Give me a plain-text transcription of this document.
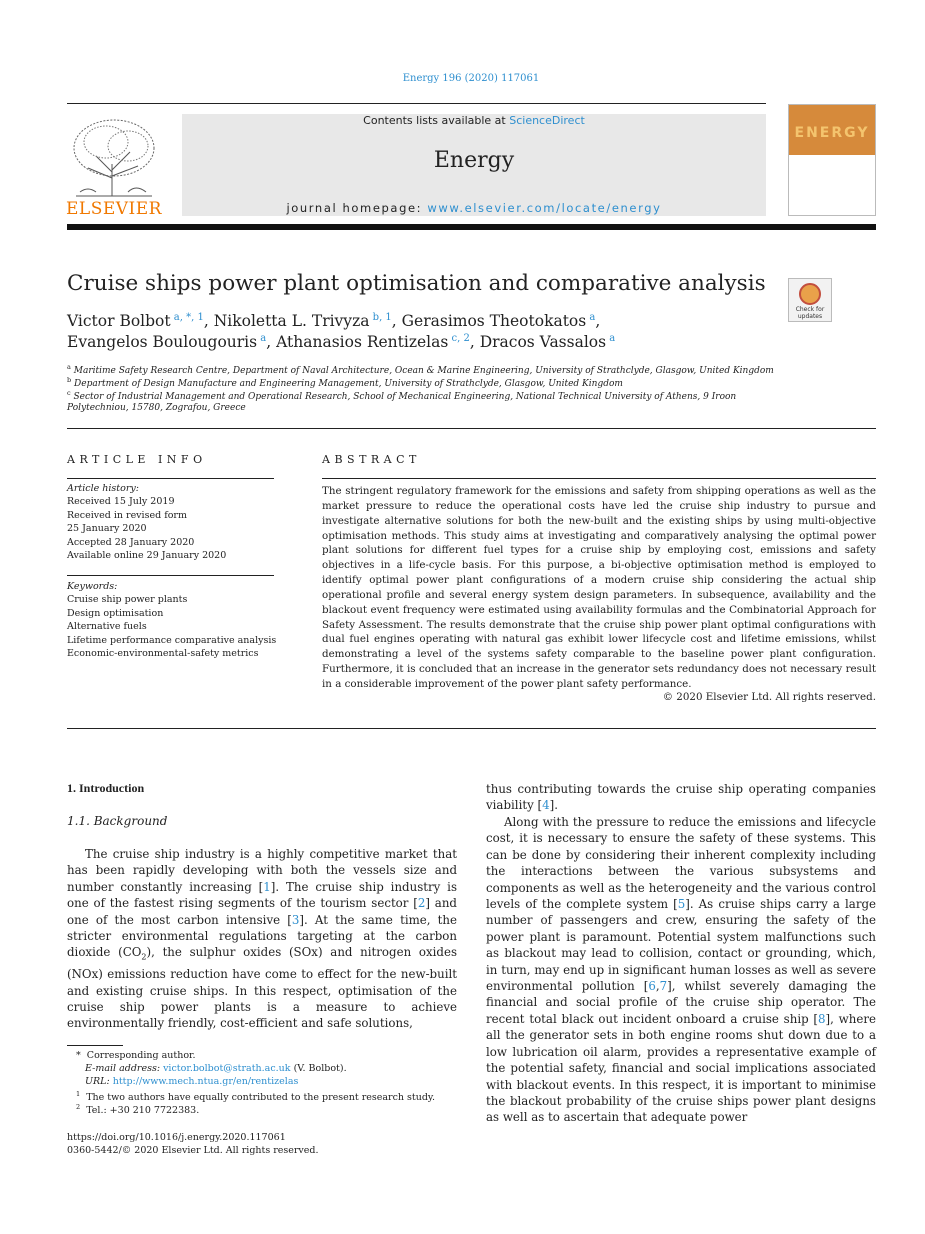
Energy 196 (2020) 117061
ELSEVIER
Contents lists available at ScienceDirect
Energy
journal homepage: www.elsevier.com/locate/energy
ENERGY
Cruise ships power plant optimisation and comparative analysis
Check for updates
Victor Bolbot $^{a, *, 1}$, Nikoletta L. Trivyza $^{b, 1}$, Gerasimos Theotokatos $^a$,
Evangelos Boulougouris $^a$, Athanasios Rentizelas $^{c, 2}$, Dracos Vassalos $^a$
$^a$ Maritime Safety Research Centre, Department of Naval Architecture, Ocean & Marine Engineering, University of Strathclyde, Glasgow, United Kingdom
$^b$ Department of Design Manufacture and Engineering Management, University of Strathclyde, Glasgow, United Kingdom
$^c$ Sector of Industrial Management and Operational Research, School of Mechanical Engineering, National Technical University of Athens, 9 Iroon
Polytechniou, 15780, Zografou, Greece
ARTICLE INFO
Article history:
Received 15 July 2019
Received in revised form
25 January 2020
Accepted 28 January 2020
Available online 29 January 2020
Keywords:
Cruise ship power plants
Design optimisation
Alternative fuels
Lifetime performance comparative analysis
Economic-environmental-safety metrics
ABSTRACT
The stringent regulatory framework for the emissions and safety from shipping operations as well as the market pressure to reduce the operational costs have led the cruise ship industry to pursue and investigate alternative solutions for both the new-built and the existing ships by using multi-objective optimisation methods. This study aims at investigating and comparatively analysing the optimal power plant solutions for different fuel types for a cruise ship by employing cost, emissions and safety objectives in a life-cycle basis. For this purpose, a bi-objective optimisation method is employed to identify optimal power plant configurations of a modern cruise ship considering the actual ship operational profile and several energy system design parameters. In subsequence, availability and the blackout event frequency were estimated using availability formulas and the Combinatorial Approach for Safety Assessment. The results demonstrate that the cruise ship power plant optimal configurations with dual fuel engines operating with natural gas exhibit lower lifecycle cost and lifetime emissions, whilst demonstrating a level of the systems safety comparable to the baseline power plant configuration. Furthermore, it is concluded that an increase in the generator sets redundancy does not necessary result in a considerable improvement of the power plant safety performance.
© 2020 Elsevier Ltd. All rights reserved.
1. Introduction
1.1. Background
The cruise ship industry is a highly competitive market that has been rapidly developing with both the vessels size and number constantly increasing [1]. The cruise ship industry is one of the fastest rising segments of the tourism sector [2] and one of the most carbon intensive [3]. At the same time, the stricter environmental regulations targeting at the carbon dioxide $(CO_2)$, the sulphur oxides (SOx) and nitrogen oxides (NOx) emissions reduction have come to effect for the new-built and existing cruise ships. In this respect, optimisation of the cruise ship power plants is a measure to achieve environmentally friendly, cost-efficient and safe solutions,
thus contributing towards the cruise ship operating companies viability [4].
Along with the pressure to reduce the emissions and lifecycle cost, it is necessary to ensure the safety of these systems. This can be done by considering their inherent complexity including the interactions between the various subsystems and components as well as the heterogeneity and the various control levels of the complete system [5]. As cruise ships carry a large number of passengers and crew, ensuring the safety of the power plant is paramount. Potential system malfunctions such as blackout may lead to collision, contact or grounding, which, in turn, may end up in significant human losses as well as severe environmental pollution [6,7], whilst severely damaging the financial and social profile of the cruise ship operator. The recent total black out incident onboard a cruise ship [8], where all the generator sets in both engine rooms shut down due to a low lubrication oil alarm, provides a representative example of the potential safety, financial and social implications associated with blackout events. In this respect, it is important to minimise the blackout probability of the cruise ships power plant designs as well as to ascertain that adequate power
*  Corresponding author.
E-mail address: victor.bolbot@strath.ac.uk (V. Bolbot).
URL: http://www.mech.ntua.gr/en/rentizelas
$^1$ The two authors have equally contributed to the present research study.
$^2$ Tel.: +30 210 7722383.
https://doi.org/10.1016/j.energy.2020.117061
0360-5442/© 2020 Elsevier Ltd. All rights reserved.
